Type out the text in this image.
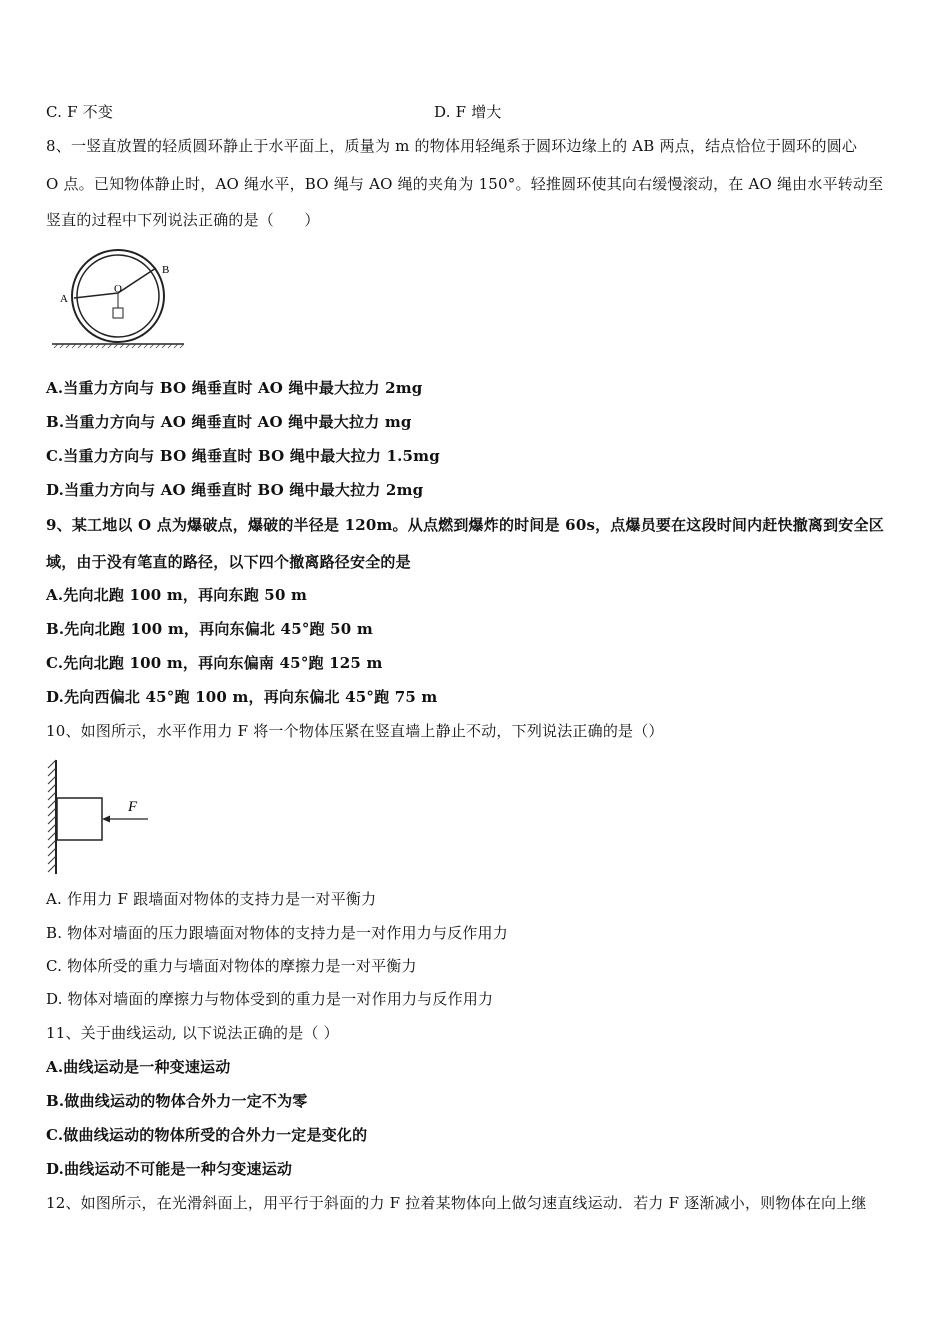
C. F 不变	D. F 增大
8、一竖直放置的轻质圆环静止于水平面上，质量为 m 的物体用轻绳系于圆环边缘上的 AB 两点，结点恰位于圆环的圆心
O 点。已知物体静止时，AO 绳水平，BO 绳与 AO 绳的夹角为 150°。轻推圆环使其向右缓慢滚动，在 AO 绳由水平转动至
竖直的过程中下列说法正确的是（　　）
A
B
O
A.当重力方向与 BO 绳垂直时 AO 绳中最大拉力 2mg
B.当重力方向与 AO 绳垂直时 AO 绳中最大拉力 mg
C.当重力方向与 BO 绳垂直时 BO 绳中最大拉力 1.5mg
D.当重力方向与 AO 绳垂直时 BO 绳中最大拉力 2mg
9、某工地以 O 点为爆破点，爆破的半径是 120m。从点燃到爆炸的时间是 60s，点爆员要在这段时间内赶快撤离到安全区
域，由于没有笔直的路径，以下四个撤离路径安全的是
A.先向北跑 100 m，再向东跑 50 m
B.先向北跑 100 m，再向东偏北 45°跑 50 m
C.先向北跑 100 m，再向东偏南 45°跑 125 m
D.先向西偏北 45°跑 100 m，再向东偏北 45°跑 75 m
10、如图所示，水平作用力 F 将一个物体压紧在竖直墙上静止不动，下列说法正确的是（）
F
A. 作用力 F 跟墙面对物体的支持力是一对平衡力
B. 物体对墙面的压力跟墙面对物体的支持力是一对作用力与反作用力
C. 物体所受的重力与墙面对物体的摩擦力是一对平衡力
D. 物体对墙面的摩擦力与物体受到的重力是一对作用力与反作用力
11、关于曲线运动, 以下说法正确的是（ ）
A.曲线运动是一种变速运动
B.做曲线运动的物体合外力一定不为零
C.做曲线运动的物体所受的合外力一定是变化的
D.曲线运动不可能是一种匀变速运动
12、如图所示，在光滑斜面上，用平行于斜面的力 F 拉着某物体向上做匀速直线运动．若力 F 逐渐减小，则物体在向上继
